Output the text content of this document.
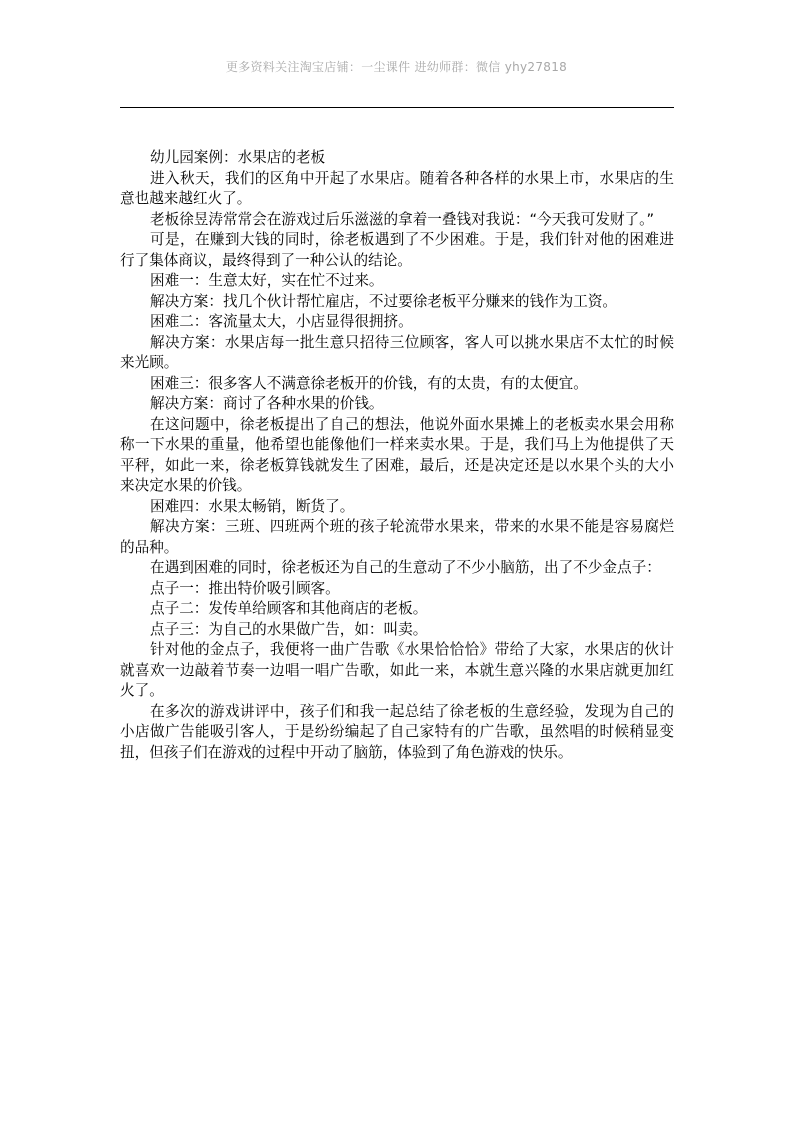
更多资料关注淘宝店铺：一尘课件 进幼师群：微信 yhy27818

幼儿园案例：水果店的老板

进入秋天，我们的区角中开起了水果店。随着各种各样的水果上市，水果店的生意也越来越红火了。

老板徐昱涛常常会在游戏过后乐滋滋的拿着一叠钱对我说：“今天我可发财了。”

可是，在赚到大钱的同时，徐老板遇到了不少困难。于是，我们针对他的困难进行了集体商议，最终得到了一种公认的结论。

困难一：生意太好，实在忙不过来。

解决方案：找几个伙计帮忙雇店，不过要徐老板平分赚来的钱作为工资。

困难二：客流量太大，小店显得很拥挤。

解决方案：水果店每一批生意只招待三位顾客，客人可以挑水果店不太忙的时候来光顾。

困难三：很多客人不满意徐老板开的价钱，有的太贵，有的太便宜。

解决方案：商讨了各种水果的价钱。

在这问题中，徐老板提出了自己的想法，他说外面水果摊上的老板卖水果会用称称一下水果的重量，他希望也能像他们一样来卖水果。于是，我们马上为他提供了天平秤，如此一来，徐老板算钱就发生了困难，最后，还是决定还是以水果个头的大小来决定水果的价钱。

困难四：水果太畅销，断货了。

解决方案：三班、四班两个班的孩子轮流带水果来，带来的水果不能是容易腐烂的品种。

在遇到困难的同时，徐老板还为自己的生意动了不少小脑筋，出了不少金点子：

点子一：推出特价吸引顾客。

点子二：发传单给顾客和其他商店的老板。

点子三：为自己的水果做广告，如：叫卖。

针对他的金点子，我便将一曲广告歌《水果恰恰恰》带给了大家，水果店的伙计就喜欢一边敲着节奏一边唱一唱广告歌，如此一来，本就生意兴隆的水果店就更加红火了。

在多次的游戏讲评中，孩子们和我一起总结了徐老板的生意经验，发现为自己的小店做广告能吸引客人，于是纷纷编起了自己家特有的广告歌，虽然唱的时候稍显变扭，但孩子们在游戏的过程中开动了脑筋，体验到了角色游戏的快乐。
